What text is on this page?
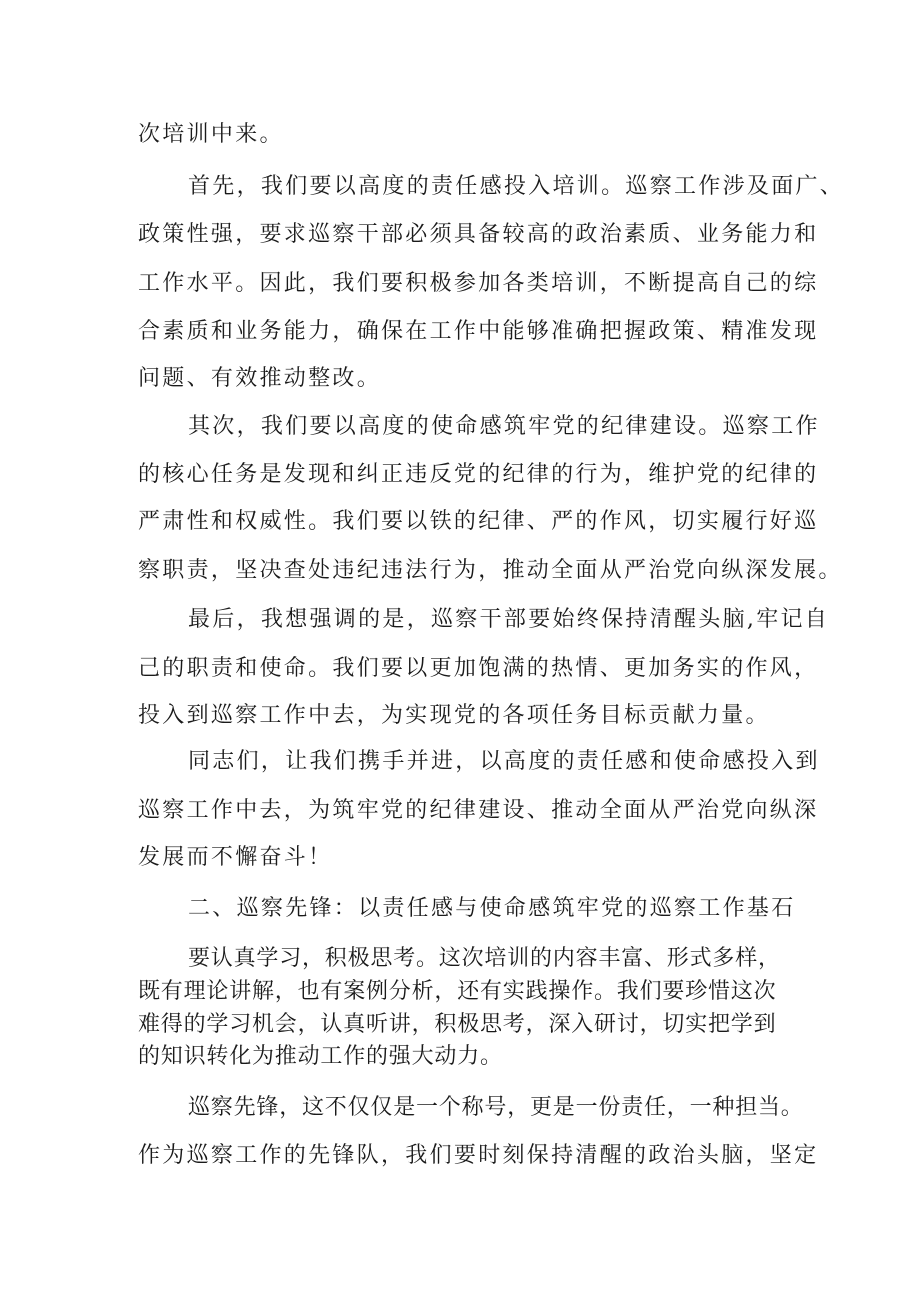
次培训中来。
首先，我们要以高度的责任感投入培训。巡察工作涉及面广、
政策性强，要求巡察干部必须具备较高的政治素质、业务能力和
工作水平。因此，我们要积极参加各类培训，不断提高自己的综
合素质和业务能力，确保在工作中能够准确把握政策、精准发现
问题、有效推动整改。
其次，我们要以高度的使命感筑牢党的纪律建设。巡察工作
的核心任务是发现和纠正违反党的纪律的行为，维护党的纪律的
严肃性和权威性。我们要以铁的纪律、严的作风，切实履行好巡
察职责，坚决查处违纪违法行为，推动全面从严治党向纵深发展。
最后，我想强调的是，巡察干部要始终保持清醒头脑,牢记自
己的职责和使命。我们要以更加饱满的热情、更加务实的作风，
投入到巡察工作中去，为实现党的各项任务目标贡献力量。
同志们，让我们携手并进，以高度的责任感和使命感投入到
巡察工作中去，为筑牢党的纪律建设、推动全面从严治党向纵深
发展而不懈奋斗！
二、巡察先锋：以责任感与使命感筑牢党的巡察工作基石
要认真学习，积极思考。这次培训的内容丰富、形式多样，
既有理论讲解，也有案例分析，还有实践操作。我们要珍惜这次
难得的学习机会，认真听讲，积极思考，深入研讨，切实把学到
的知识转化为推动工作的强大动力。
巡察先锋，这不仅仅是一个称号，更是一份责任，一种担当。
作为巡察工作的先锋队，我们要时刻保持清醒的政治头脑，坚定
